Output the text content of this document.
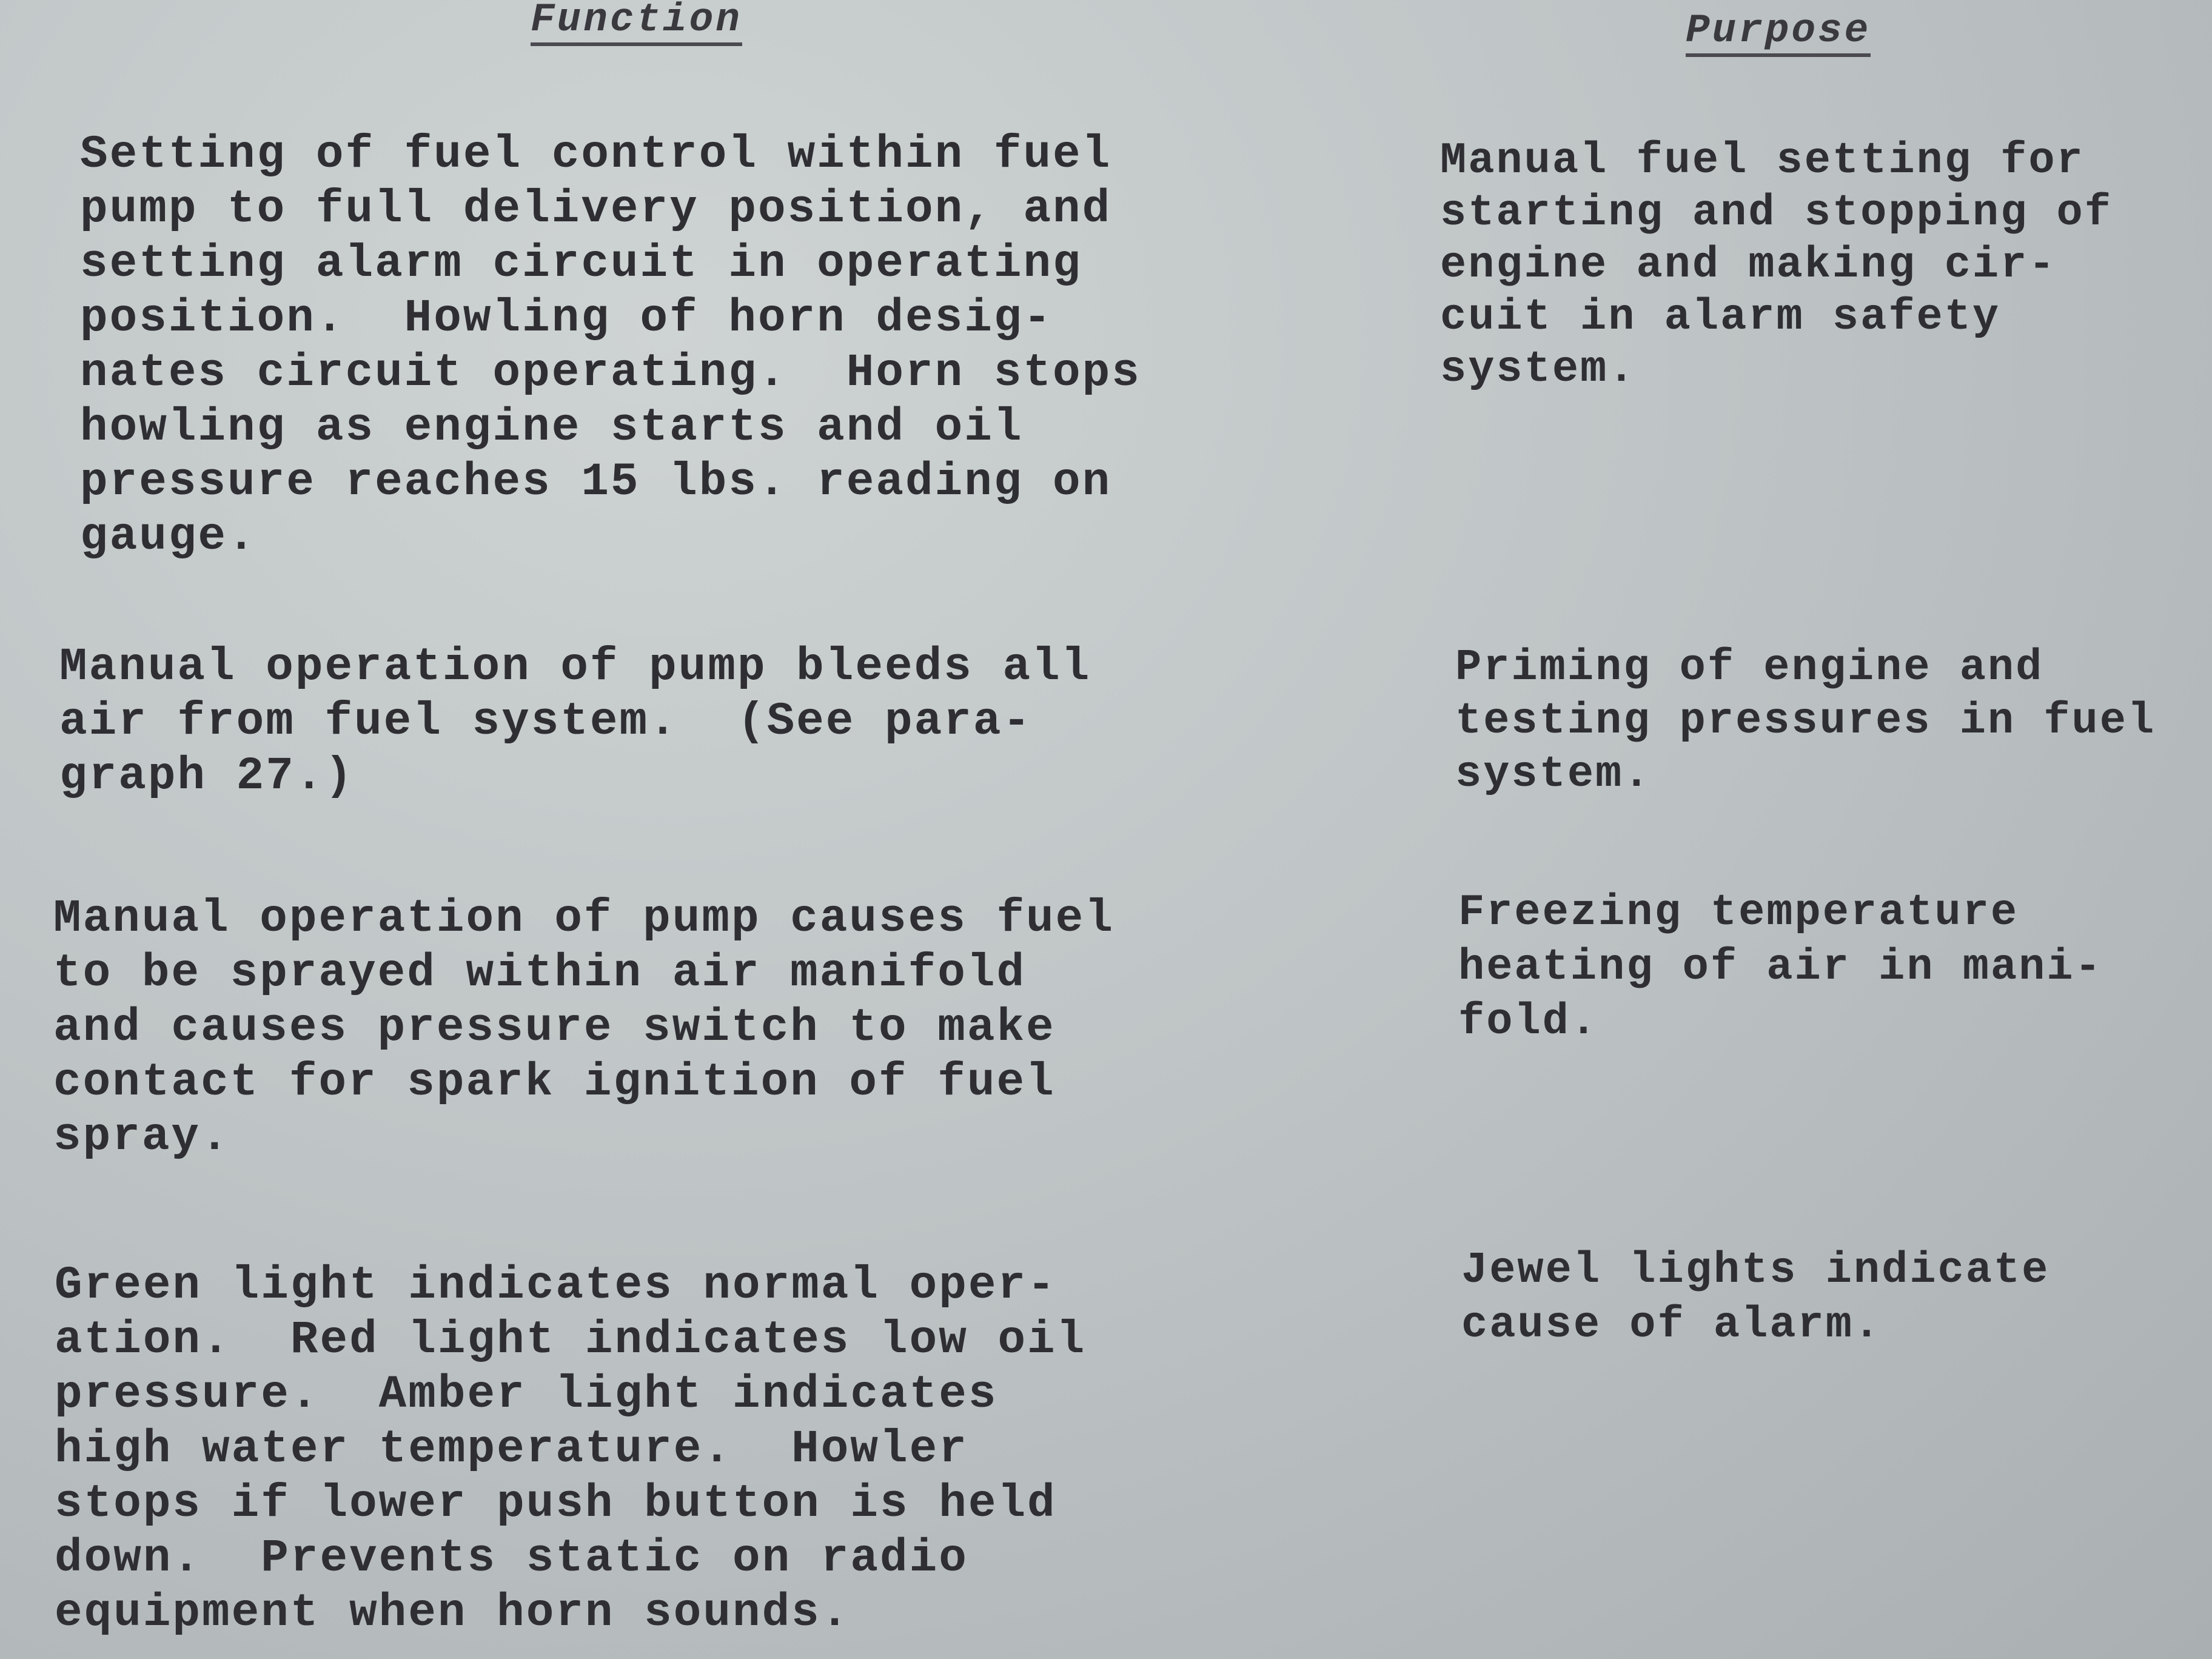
Function	Purpose

Setting of fuel control within fuel
pump to full delivery position, and
setting alarm circuit in operating
position.  Howling of horn desig-
nates circuit operating.  Horn stops
howling as engine starts and oil
pressure reaches 15 lbs. reading on
gauge.

Manual fuel setting for
starting and stopping of
engine and making cir-
cuit in alarm safety
system.

Manual operation of pump bleeds all
air from fuel system.  (See para-
graph 27.)

Priming of engine and
testing pressures in fuel
system.

Manual operation of pump causes fuel
to be sprayed within air manifold
and causes pressure switch to make
contact for spark ignition of fuel
spray.

Freezing temperature
heating of air in mani-
fold.

Green light indicates normal oper-
ation.  Red light indicates low oil
pressure.  Amber light indicates
high water temperature.  Howler
stops if lower push button is held
down.  Prevents static on radio
equipment when horn sounds.

Jewel lights indicate
cause of alarm.
